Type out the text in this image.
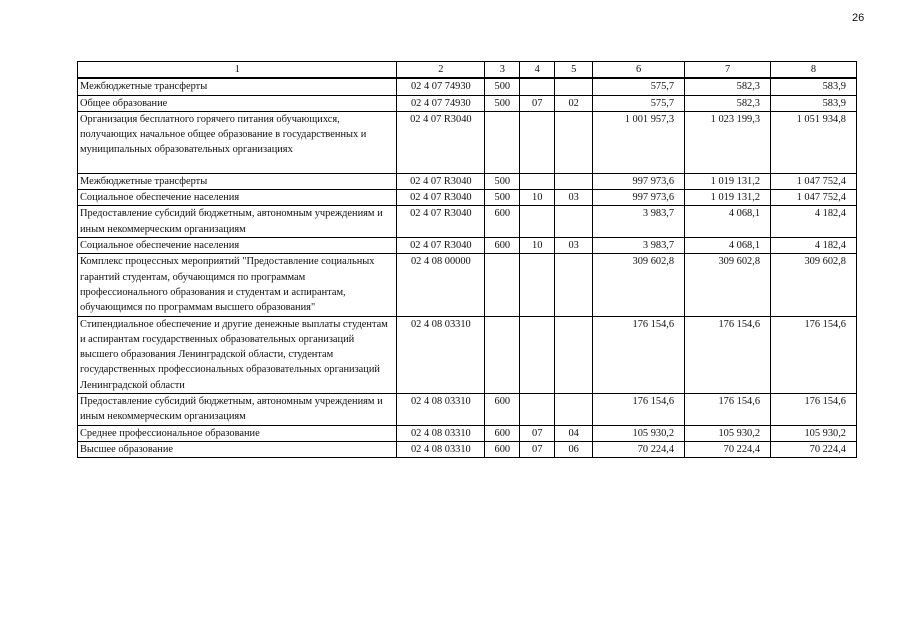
26
1	2	3	4	5	6	7	8
Межбюджетные трансферты	02 4 07 74930	500			575,7	582,3	583,9
Общее образование	02 4 07 74930	500	07	02	575,7	582,3	583,9
Организация бесплатного горячего питания обучающихся, получающих начальное общее образование в государственных и муниципальных образовательных организациях	02 4 07 R3040				1 001 957,3	1 023 199,3	1 051 934,8
Межбюджетные трансферты	02 4 07 R3040	500			997 973,6	1 019 131,2	1 047 752,4
Социальное обеспечение населения	02 4 07 R3040	500	10	03	997 973,6	1 019 131,2	1 047 752,4
Предоставление субсидий бюджетным, автономным учреждениям и иным некоммерческим организациям	02 4 07 R3040	600			3 983,7	4 068,1	4 182,4
Социальное обеспечение населения	02 4 07 R3040	600	10	03	3 983,7	4 068,1	4 182,4
Комплекс процессных мероприятий "Предоставление социальных гарантий студентам, обучающимся по программам профессионального образования и студентам и аспирантам, обучающимся по программам высшего образования"	02 4 08 00000				309 602,8	309 602,8	309 602,8
Стипендиальное обеспечение и другие денежные выплаты студентам и аспирантам государственных образовательных организаций высшего образования Ленинградской области, студентам государственных профессиональных образовательных организаций Ленинградской области	02 4 08 03310				176 154,6	176 154,6	176 154,6
Предоставление субсидий бюджетным, автономным учреждениям и иным некоммерческим организациям	02 4 08 03310	600			176 154,6	176 154,6	176 154,6
Среднее профессиональное образование	02 4 08 03310	600	07	04	105 930,2	105 930,2	105 930,2
Высшее образование	02 4 08 03310	600	07	06	70 224,4	70 224,4	70 224,4
